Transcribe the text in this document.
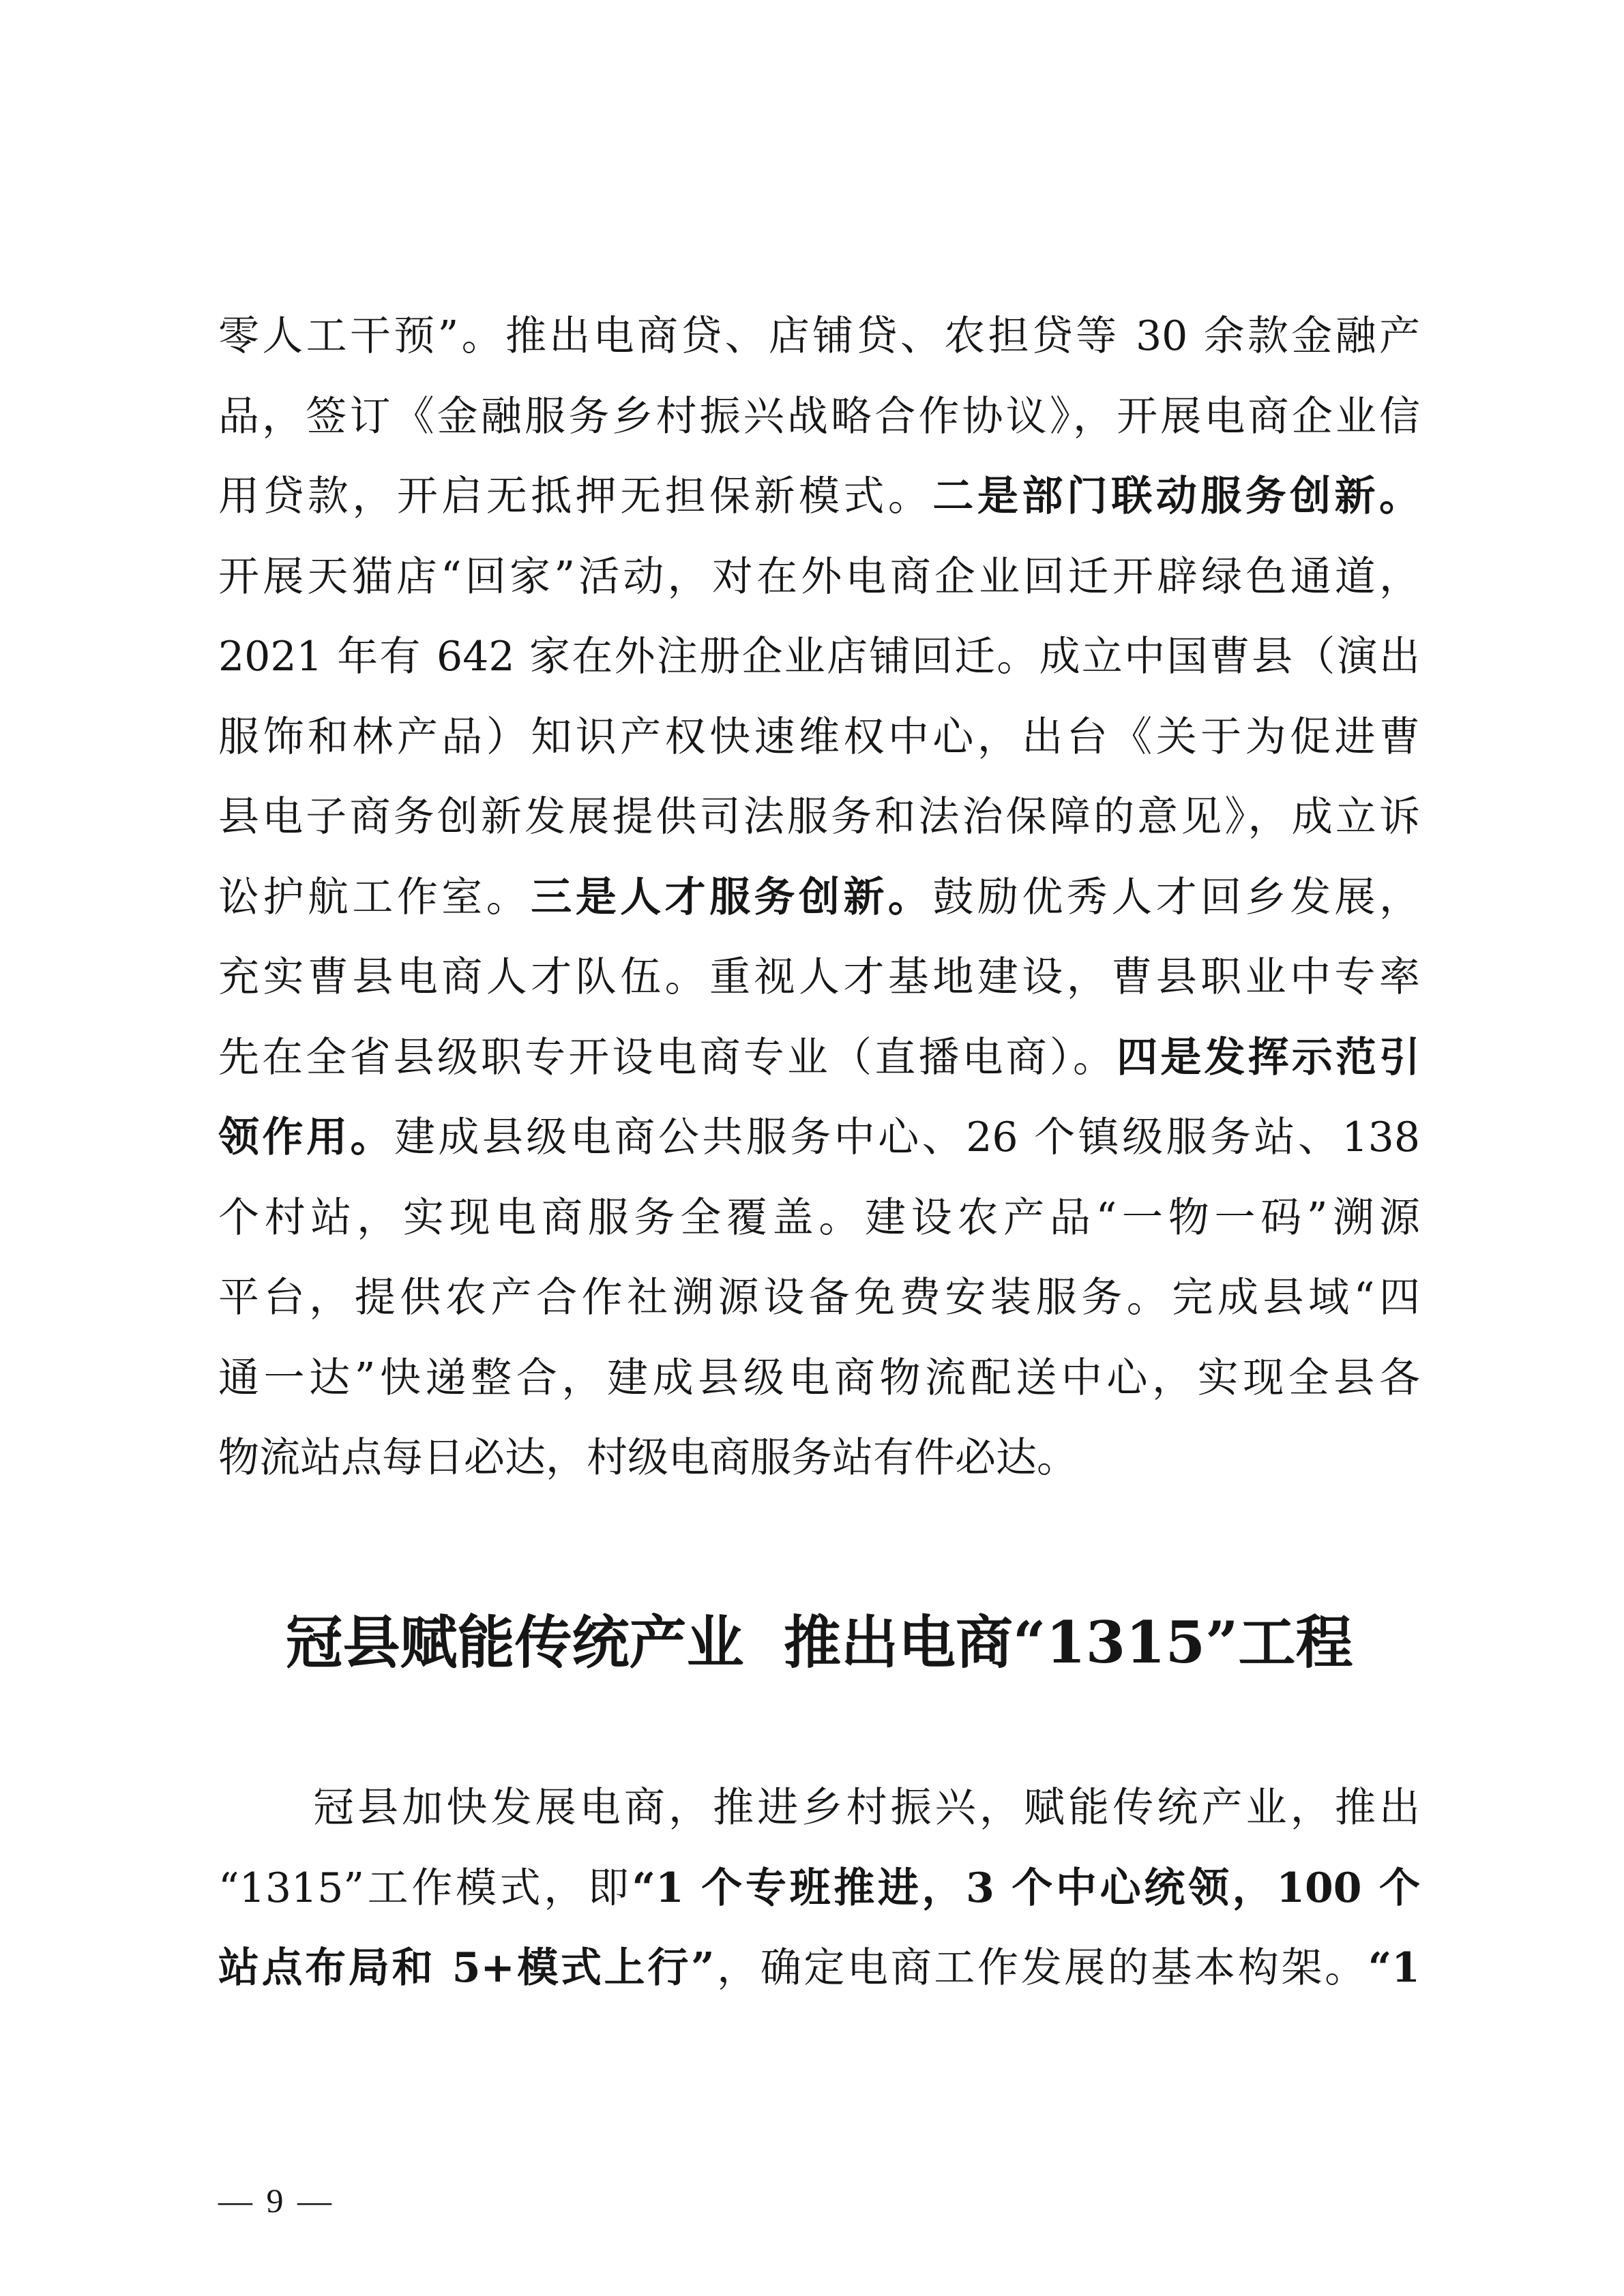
零人工干预”。推出电商贷、店铺贷、农担贷等 30 余款金融产
品，签订《金融服务乡村振兴战略合作协议》，开展电商企业信
用贷款，开启无抵押无担保新模式。二是部门联动服务创新。
开展天猫店“回家”活动，对在外电商企业回迁开辟绿色通道，
2021 年有 642 家在外注册企业店铺回迁。成立中国曹县（演出
服饰和林产品）知识产权快速维权中心，出台《关于为促进曹
县电子商务创新发展提供司法服务和法治保障的意见》，成立诉
讼护航工作室。三是人才服务创新。鼓励优秀人才回乡发展，
充实曹县电商人才队伍。重视人才基地建设，曹县职业中专率
先在全省县级职专开设电商专业（直播电商）。四是发挥示范引
领作用。建成县级电商公共服务中心、26 个镇级服务站、138
个村站，实现电商服务全覆盖。建设农产品“一物一码”溯源
平台，提供农产合作社溯源设备免费安装服务。完成县域“四
通一达”快递整合，建成县级电商物流配送中心，实现全县各
物流站点每日必达，村级电商服务站有件必达。
冠县赋能传统产业  推出电商“1315”工程
冠县加快发展电商，推进乡村振兴，赋能传统产业，推出
“1315”工作模式，即“1 个专班推进，3 个中心统领，100 个
站点布局和 5+模式上行”，确定电商工作发展的基本构架。“1
— 9 —
